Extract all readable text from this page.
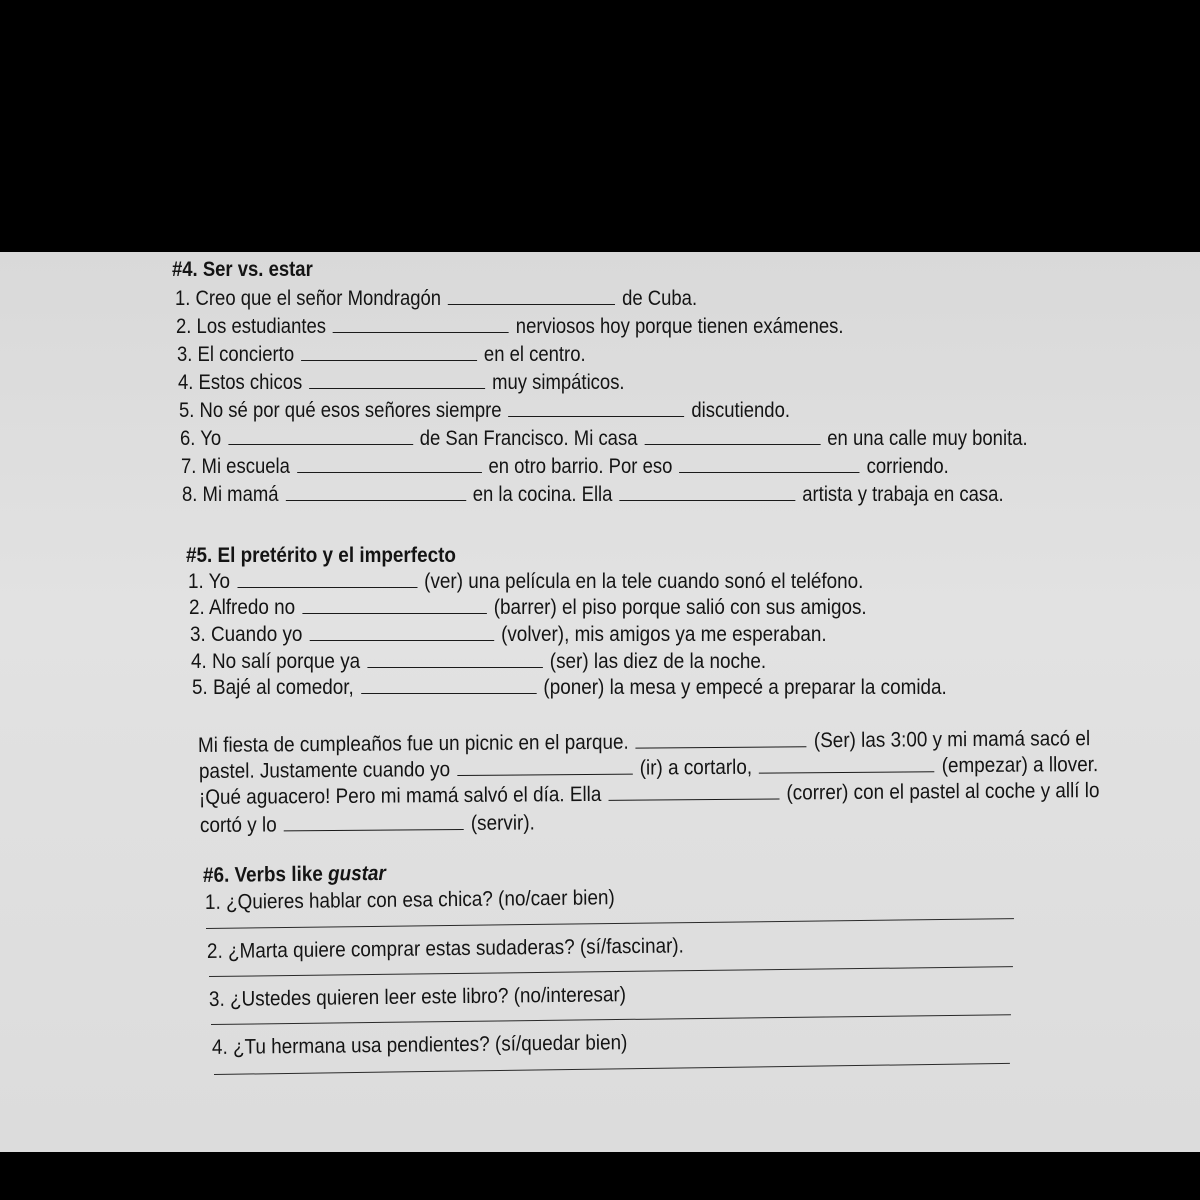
#4. Ser vs. estar
1. Creo que el señor Mondragón	de Cuba.
2. Los estudiantes	nerviosos hoy porque tienen exámenes.
3. El concierto	en el centro.
4. Estos chicos	muy simpáticos.
5. No sé por qué esos señores siempre	discutiendo.
6. Yo	de San Francisco. Mi casa	en una calle muy bonita.
7. Mi escuela	en otro barrio. Por eso	corriendo.
8. Mi mamá	en la cocina. Ella	artista y trabaja en casa.
#5. El pretérito y el imperfecto
1. Yo	(ver) una película en la tele cuando sonó el teléfono.
2. Alfredo no	(barrer) el piso porque salió con sus amigos.
3. Cuando yo	(volver), mis amigos ya me esperaban.
4. No salí porque ya	(ser) las diez de la noche.
5. Bajé al comedor,	(poner) la mesa y empecé a preparar la comida.
Mi fiesta de cumpleaños fue un picnic en el parque.	(Ser) las 3:00 y mi mamá sacó el
pastel. Justamente cuando yo	(ir) a cortarlo,	(empezar) a llover.
¡Qué aguacero! Pero mi mamá salvó el día. Ella	(correr) con el pastel al coche y allí lo
cortó y lo	(servir).
#6. Verbs like gustar
1. ¿Quieres hablar con esa chica? (no/caer bien)
2. ¿Marta quiere comprar estas sudaderas? (sí/fascinar).
3. ¿Ustedes quieren leer este libro? (no/interesar)
4. ¿Tu hermana usa pendientes? (sí/quedar bien)
